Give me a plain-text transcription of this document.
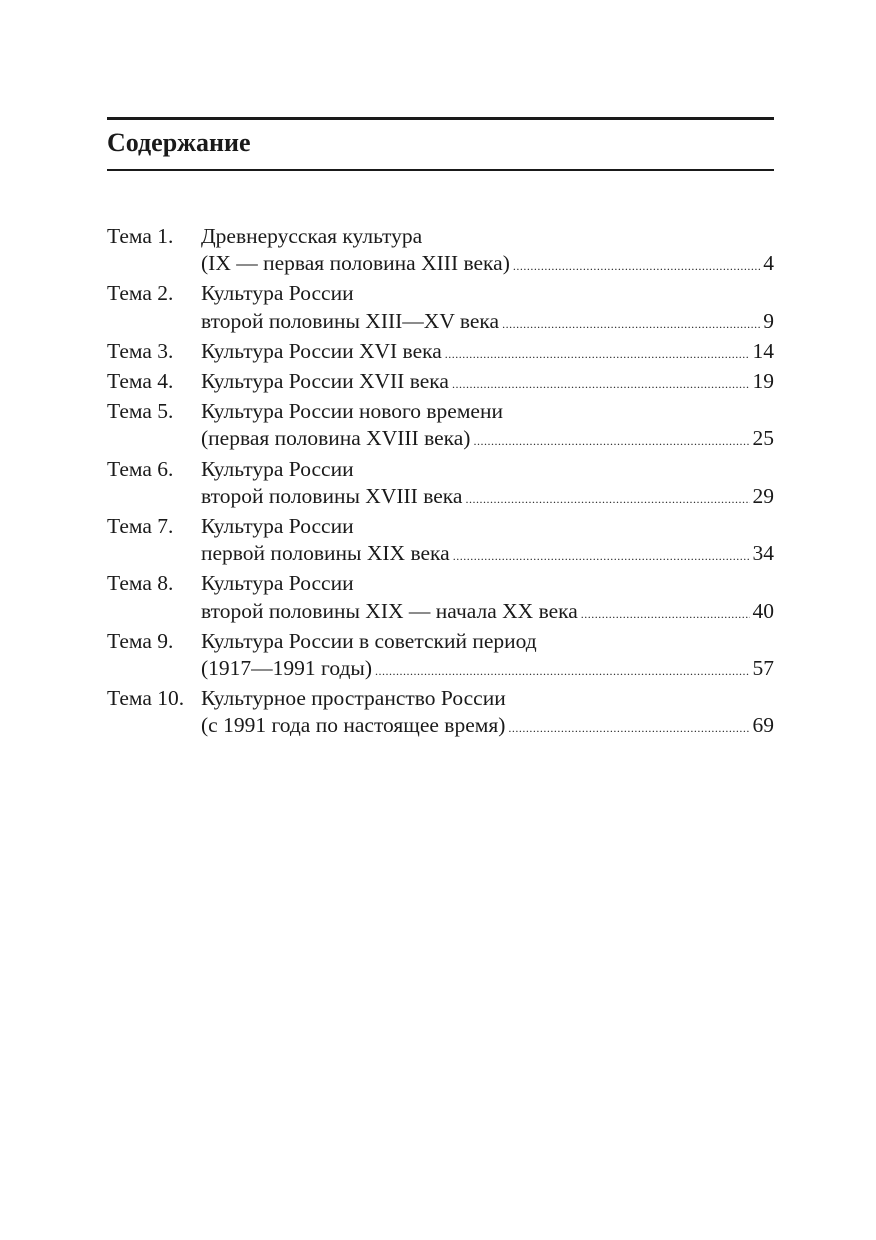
Содержание
Тема 1. Древнерусская культура
(IX — первая половина XIII века) .....	4
Тема 2. Культура России
второй половины XIII—XV века .....	9
Тема 3. Культура России XVI века .....	14
Тема 4. Культура России XVII века .....	19
Тема 5. Культура России нового времени
(первая половина XVIII века) .....	25
Тема 6. Культура России
второй половины XVIII века .....	29
Тема 7. Культура России
первой половины XIX века .....	34
Тема 8. Культура России
второй половины XIX — начала XX века .....	40
Тема 9. Культура России в советский период
(1917—1991 годы) .....	57
Тема 10. Культурное пространство России
(с 1991 года по настоящее время) .....	69
